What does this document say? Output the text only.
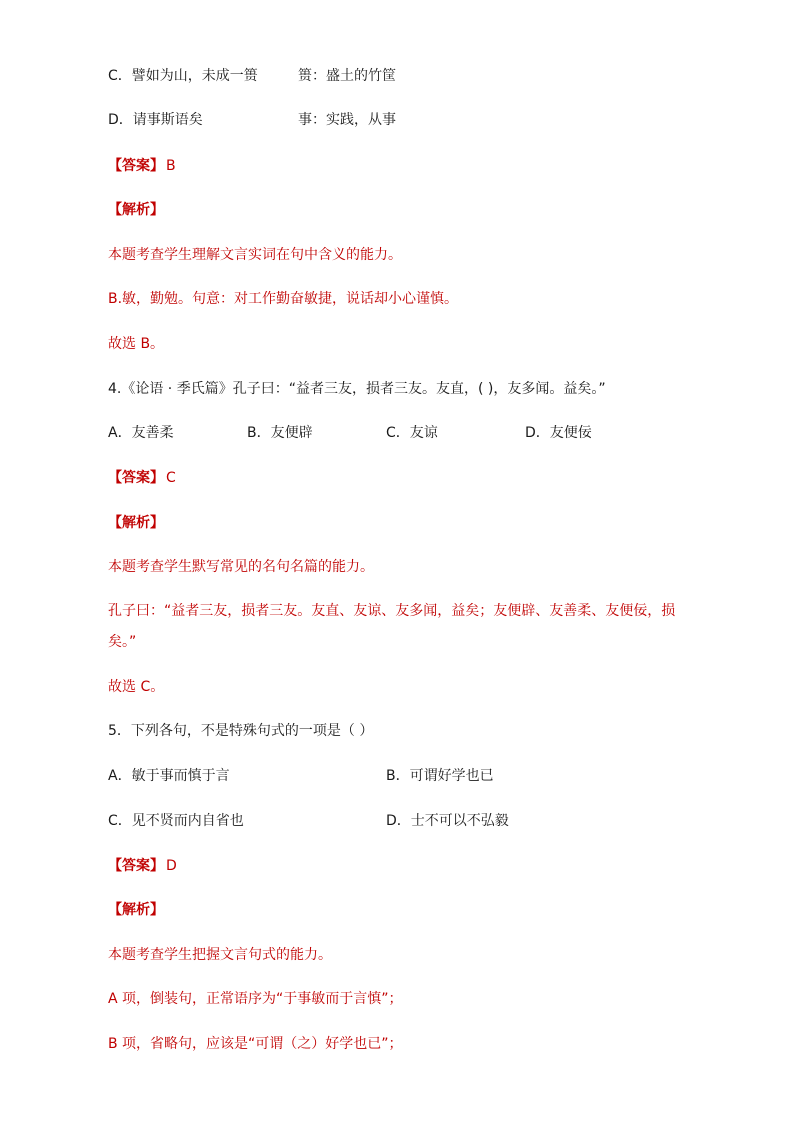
C．譬如为山，未成一篑	篑：盛土的竹筐
D．请事斯语矣	事：实践，从事
【答案】 B
【解析】
本题考查学生理解文言实词在句中含义的能力。
B.敏，勤勉。句意：对工作勤奋敏捷，说话却小心谨慎。
故选 B。
4.《论语 · 季氏篇》孔子曰：“益者三友，损者三友。友直，( )，友多闻。益矣。”
A．友善柔	B．友便辟	C．友谅	D．友便佞
【答案】 C
【解析】
本题考查学生默写常见的名句名篇的能力。
孔子曰：“益者三友，损者三友。友直、友谅、友多闻，益矣；友便辟、友善柔、友便佞，损矣。”
故选 C。
5．下列各句，不是特殊句式的一项是（ ）
A．敏于事而慎于言	B．可谓好学也已
C．见不贤而内自省也	D．士不可以不弘毅
【答案】 D
【解析】
本题考查学生把握文言句式的能力。
A 项，倒装句，正常语序为“于事敏而于言慎”；
B 项，省略句，应该是“可谓（之）好学也已”；
